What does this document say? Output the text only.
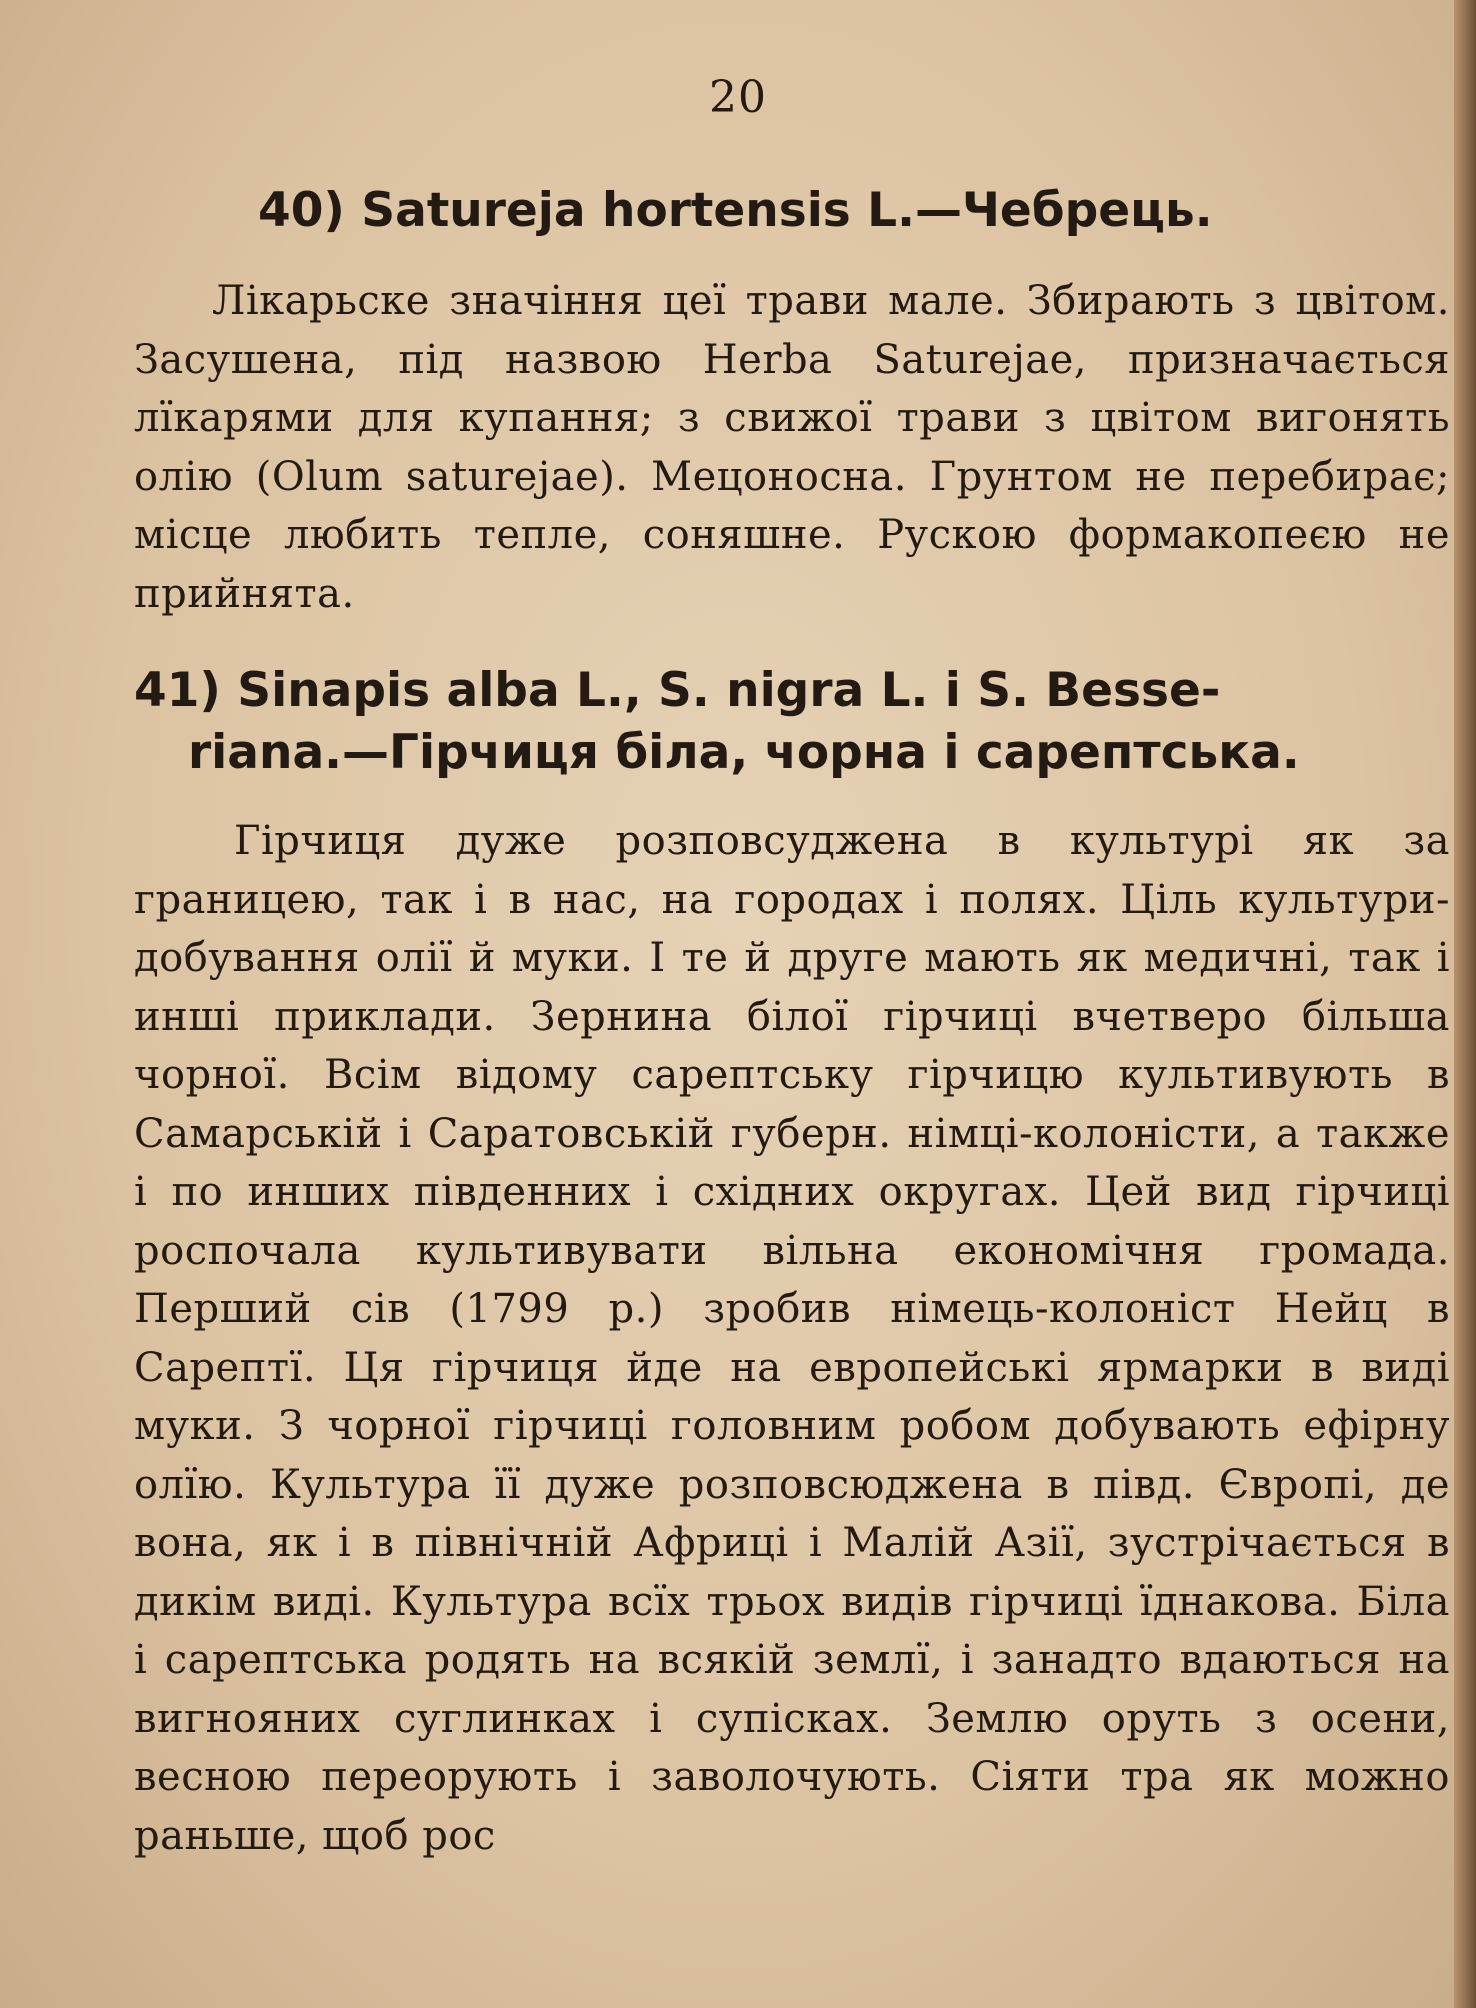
20
40) Satureja hortensis L.—Чебрець.
Лікарьске значіння цеї трави мале. Збирають з цвітом. Засушена, під назвою Herba Saturejae, призначається лїкарями для купання; з свижої трави з цвітом вигонять олію (Olum saturejae). Мецоносна. Грунтом не перебирає; місце любить тепле, соняшне. Рускою формакопеєю не прийнята.
41) Sinapis alba L., S. nigra L. i S. Besse-
riana.—Гірчиця біла, чорна і сарептська.
Гірчиця дуже розповсуджена в культурі як за границею, так і в нас, на городах і полях. Ціль культури-добування олії й муки. І те й друге мають як медичні, так і инші приклади. Зернина білої гірчиці вчетверо більша чорної. Всім відому сарептську гірчицю культивують в Самарській і Саратовській губерн. німці-колоністи, а также і по инших південних і східних округах. Цей вид гірчиці роспочала культивувати вільна економічня громада. Перший сів (1799 р.) зробив німець-колоніст Нейц в Сарептї. Ця гірчиця йде на европейські ярмарки в виді муки. З чорної гірчиці головним робом добувають ефірну олїю. Культура її дуже розповсюджена в півд. Європі, де вона, як і в північній Африці і Малій Азії, зустрічається в дикім виді. Культура всїх трьох видів гірчиці їднакова. Біла і сарептська родять на всякій землї, і занадто вдаються на вигнояних суглинках і супісках. Землю оруть з осени, весною переорують і заволочують. Сіяти тра як можно раньше, щоб рос
